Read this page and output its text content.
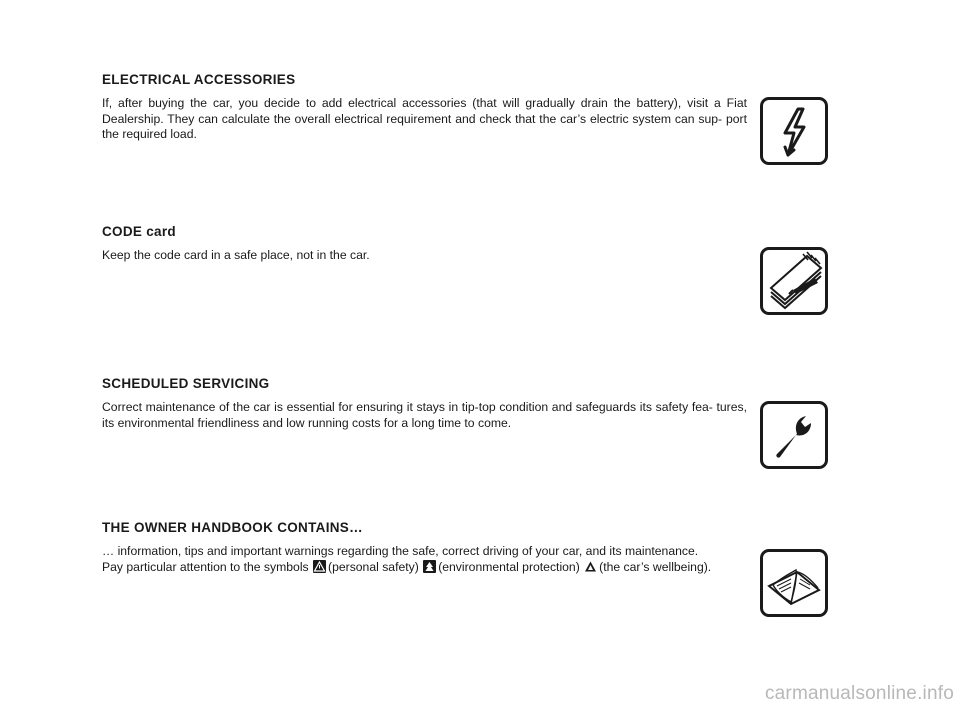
ELECTRICAL ACCESSORIES

If, after buying the car, you decide to add electrical accessories (that will gradually drain the battery), visit a Fiat Dealership. They can calculate the overall electrical requirement and check that the car’s electric system can sup- port the required load.

CODE card

Keep the code card in a safe place, not in the car.

SCHEDULED SERVICING

Correct maintenance of the car is essential for ensuring it stays in tip-top condition and safeguards its safety fea- tures, its environmental friendliness and low running costs for a long time to come.

THE OWNER HANDBOOK CONTAINS…

… information, tips and important warnings regarding the safe, correct driving of your car, and its maintenance.

Pay particular attention to the symbols (personal safety) (environmental protection) (the car’s wellbeing).

carmanualsonline.info
